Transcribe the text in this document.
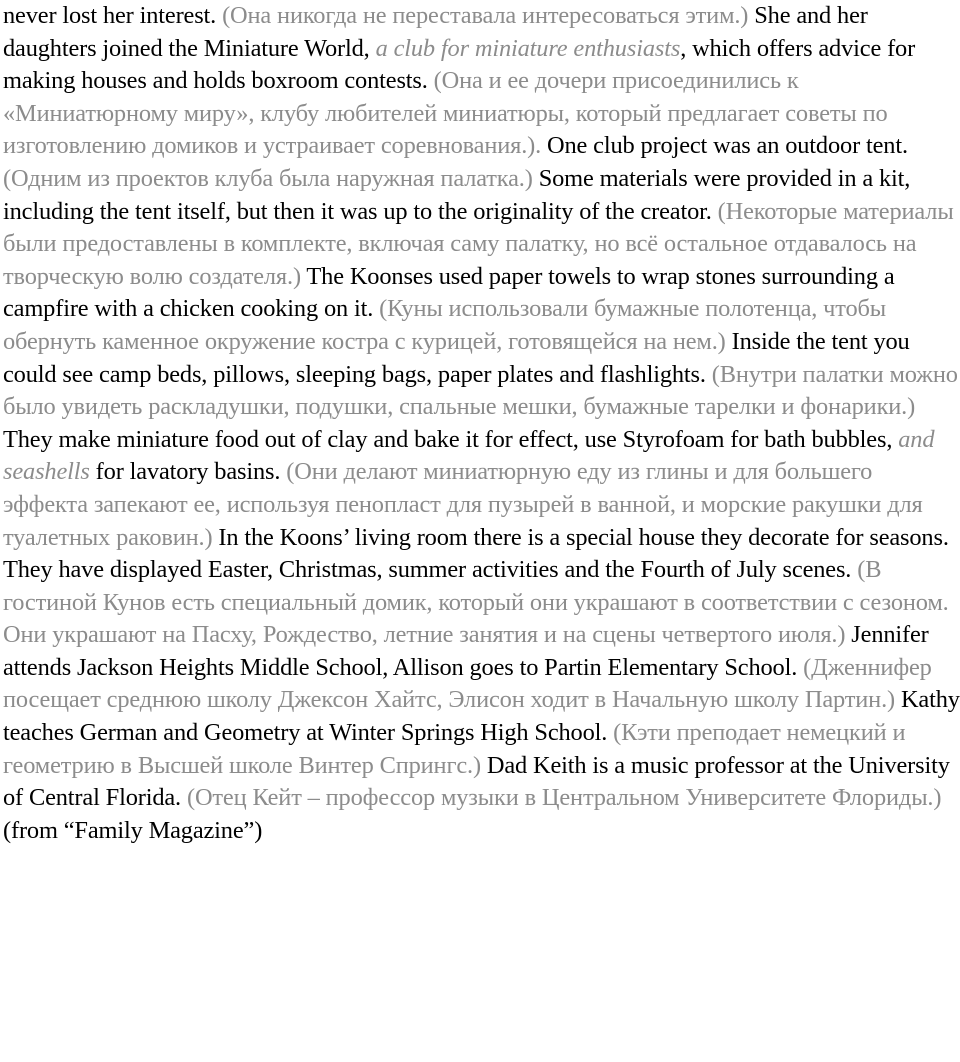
never lost her interest. (Она никогда не переставала интересоваться этим.) She and her daughters joined the Miniature World, a club for miniature enthusiasts, which offers advice for making houses and holds boxroom contests. (Она и ее дочери присоединились к «Миниатюрному миру», клубу любителей миниатюры, который предлагает советы по изготовлению домиков и устраивает соревнования.). One club project was an outdoor tent. (Одним из проектов клуба была наружная палатка.) Some materials were provided in a kit, including the tent itself, but then it was up to the originality of the creator. (Некоторые материалы были предоставлены в комплекте, включая саму палатку, но всё остальное отдавалось на творческую волю создателя.) The Koonses used paper towels to wrap stones surrounding a campfire with a chicken cooking on it. (Куны использовали бумажные полотенца, чтобы обернуть каменное окружение костра с курицей, готовящейся на нем.) Inside the tent you could see camp beds, pillows, sleeping bags, paper plates and flashlights. (Внутри палатки можно было увидеть раскладушки, подушки, спальные мешки, бумажные тарелки и фонарики.) They make miniature food out of clay and bake it for effect, use Styrofoam for bath bubbles, and seashells for lavatory basins. (Они делают миниатюрную еду из глины и для большего эффекта запекают ее, используя пенопласт для пузырей в ванной, и морские ракушки для туалетных раковин.) In the Koons’ living room there is a special house they decorate for seasons. They have displayed Easter, Christmas, summer activities and the Fourth of July scenes. (В гостиной Кунов есть специальный домик, который они украшают в соответствии с сезоном. Они украшают на Пасху, Рождество, летние занятия и на сцены четвертого июля.) Jennifer attends Jackson Heights Middle School, Allison goes to Partin Elementary School. (Дженнифер посещает среднюю школу Джексон Хайтс, Элисон ходит в Начальную школу Партин.) Kathy teaches German and Geometry at Winter Springs High School. (Кэти преподает немецкий и геометрию в Высшей школе Винтер Спрингс.) Dad Keith is a music professor at the University of Central Florida. (Отец Кейт – профессор музыки в Центральном Университете Флориды.)
(from “Family Magazine”)
